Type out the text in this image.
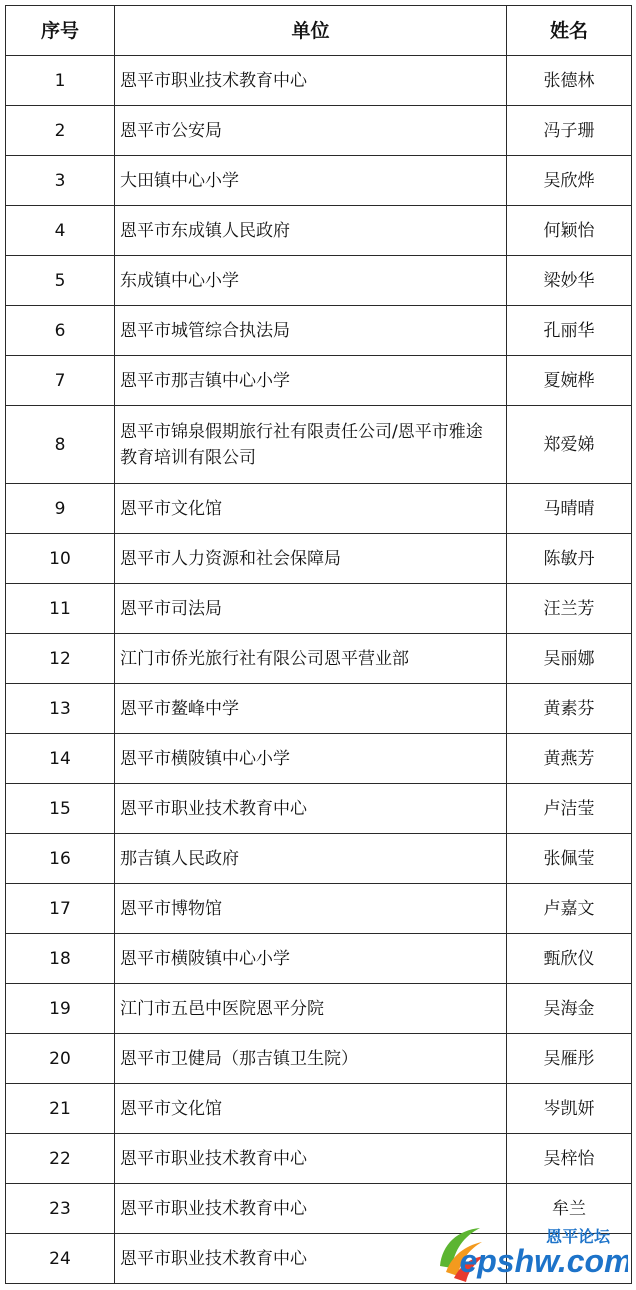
序号	单位	姓名
1	恩平市职业技术教育中心	张德林
2	恩平市公安局	冯子珊
3	大田镇中心小学	吴欣烨
4	恩平市东成镇人民政府	何颖怡
5	东成镇中心小学	梁妙华
6	恩平市城管综合执法局	孔丽华
7	恩平市那吉镇中心小学	夏婉桦
8	恩平市锦泉假期旅行社有限责任公司/恩平市雅途教育培训有限公司	郑爱娣
9	恩平市文化馆	马晴晴
10	恩平市人力资源和社会保障局	陈敏丹
11	恩平市司法局	汪兰芳
12	江门市侨光旅行社有限公司恩平营业部	吴丽娜
13	恩平市鳌峰中学	黄素芬
14	恩平市横陂镇中心小学	黄燕芳
15	恩平市职业技术教育中心	卢洁莹
16	那吉镇人民政府	张佩莹
17	恩平市博物馆	卢嘉文
18	恩平市横陂镇中心小学	甄欣仪
19	江门市五邑中医院恩平分院	吴海金
20	恩平市卫健局（那吉镇卫生院）	吴雁彤
21	恩平市文化馆	岑凯妍
22	恩平市职业技术教育中心	吴梓怡
23	恩平市职业技术教育中心	牟兰
24	恩平市职业技术教育中心	
恩平论坛
epshw.com
